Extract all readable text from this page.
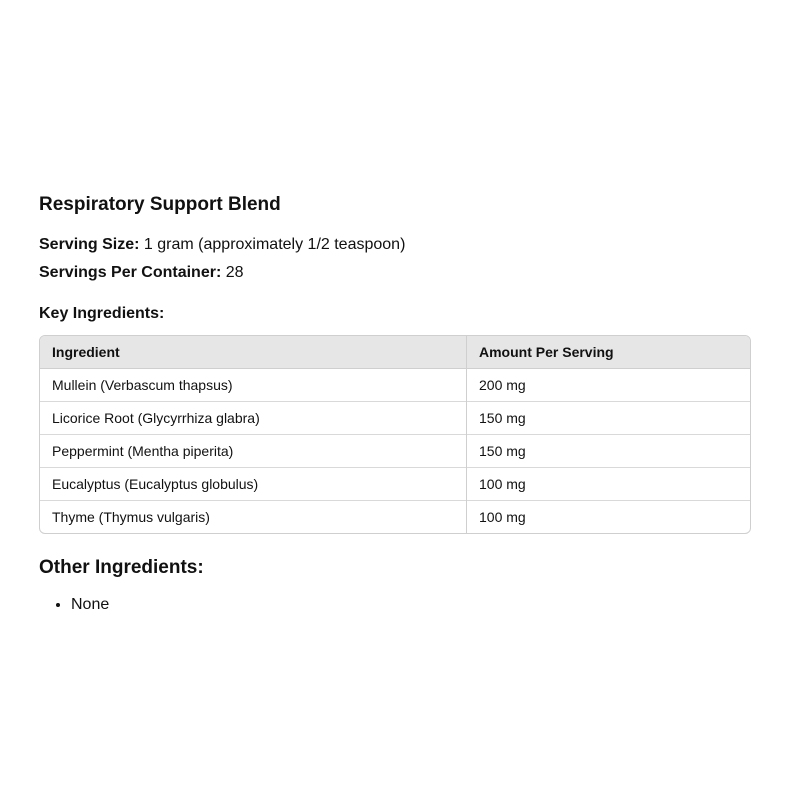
Respiratory Support Blend
Serving Size: 1 gram (approximately 1/2 teaspoon)
Servings Per Container: 28
Key Ingredients:
Ingredient	Amount Per Serving
Mullein (Verbascum thapsus)	200 mg
Licorice Root (Glycyrrhiza glabra)	150 mg
Peppermint (Mentha piperita)	150 mg
Eucalyptus (Eucalyptus globulus)	100 mg
Thyme (Thymus vulgaris)	100 mg
Other Ingredients:
• None
